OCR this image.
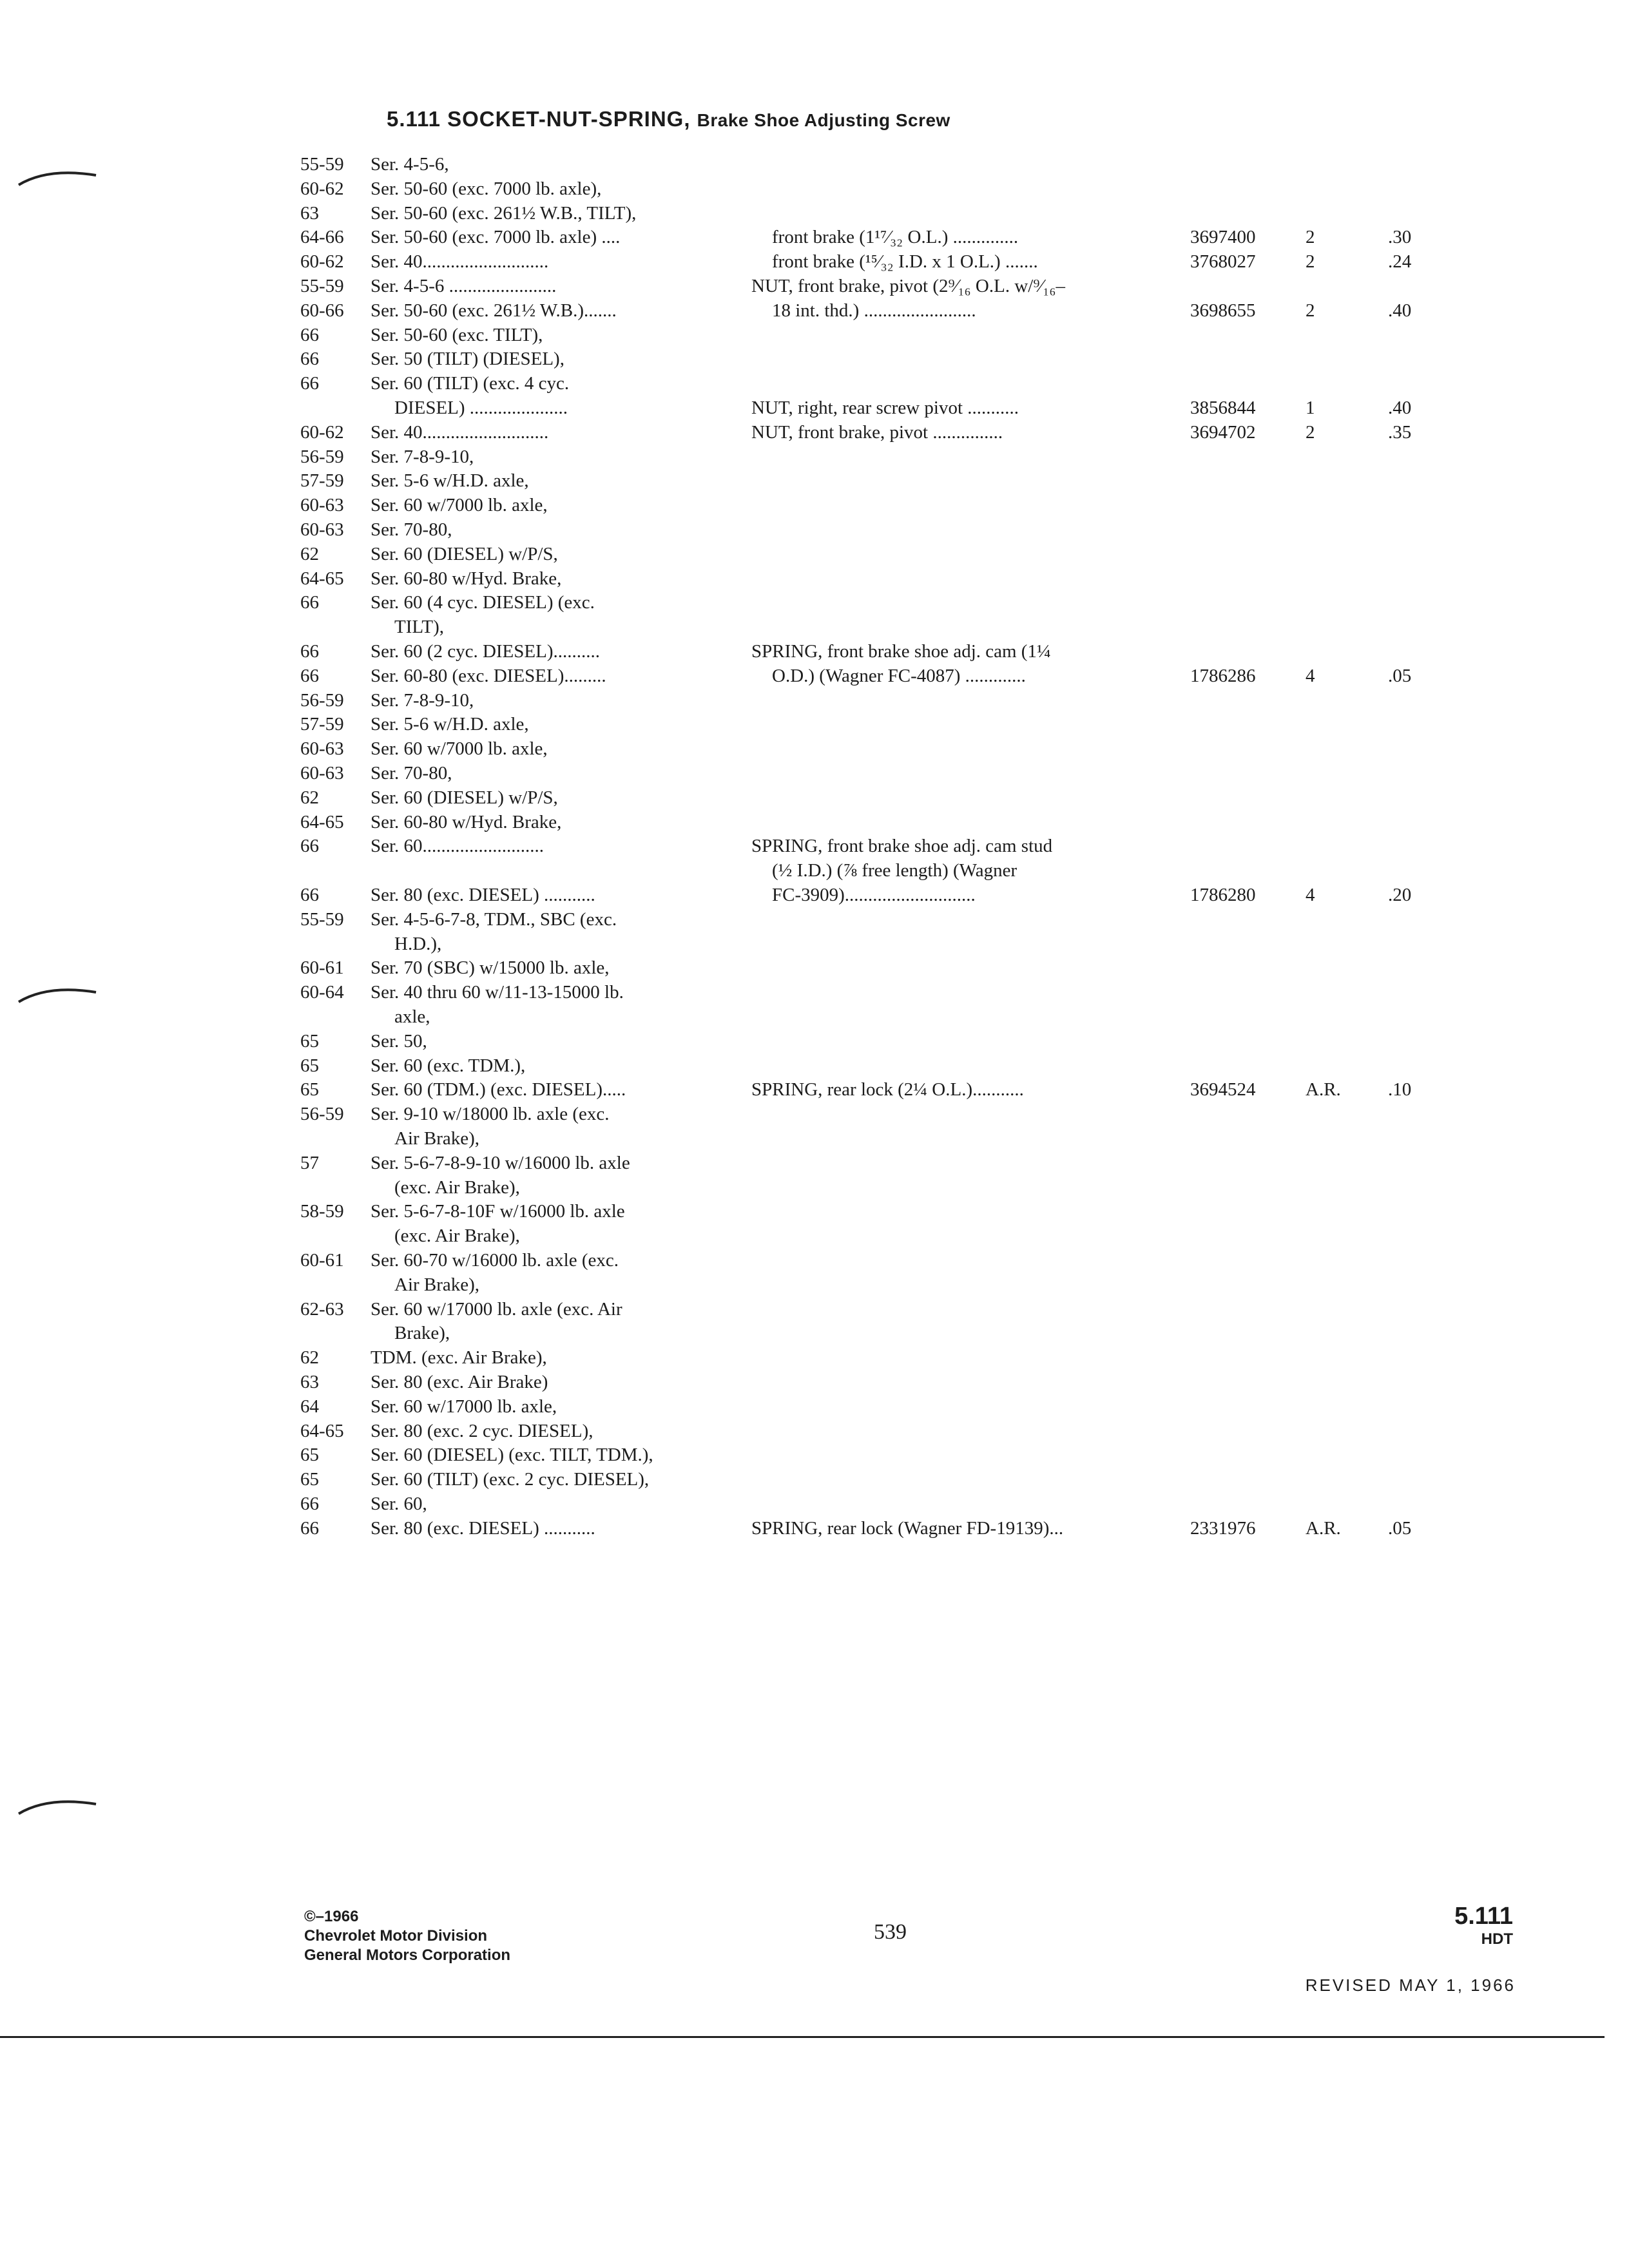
5.111 SOCKET-NUT-SPRING, Brake Shoe Adjusting Screw
55-59 Ser. 4-5-6,
60-62 Ser. 50-60 (exc. 7000 lb. axle),
63	Ser. 50-60 (exc. 261½ W.B., TILT),
64-66 Ser. 50-60 (exc. 7000 lb. axle) ....	front brake (1¹⁷⁄₃₂ O.L.) ..............	3697400	2	.30
60-62 Ser. 40...........................	front brake (¹⁵⁄₃₂ I.D. x 1 O.L.) .......	3768027	2	.24
55-59 Ser. 4-5-6 .......................	NUT, front brake, pivot (2⁹⁄₁₆ O.L. w/⁹⁄₁₆–
60-66 Ser. 50-60 (exc. 261½ W.B.).......	18 int. thd.) ........................	3698655	2	.40
66	Ser. 50-60 (exc. TILT),
66	Ser. 50 (TILT) (DIESEL),
66	Ser. 60 (TILT) (exc. 4 cyc.
DIESEL) .....................	NUT, right, rear screw pivot ...........	3856844	1	.40
60-62 Ser. 40...........................	NUT, front brake, pivot ...............	3694702	2	.35
56-59 Ser. 7-8-9-10,
57-59 Ser. 5-6 w/H.D. axle,
60-63 Ser. 60 w/7000 lb. axle,
60-63 Ser. 70-80,
62	Ser. 60 (DIESEL) w/P/S,
64-65 Ser. 60-80 w/Hyd. Brake,
66	Ser. 60 (4 cyc. DIESEL) (exc.
TILT),
66	Ser. 60 (2 cyc. DIESEL)..........	SPRING, front brake shoe adj. cam (1¼
66	Ser. 60-80 (exc. DIESEL).........	O.D.) (Wagner FC-4087) .............	1786286	4	.05
56-59 Ser. 7-8-9-10,
57-59 Ser. 5-6 w/H.D. axle,
60-63 Ser. 60 w/7000 lb. axle,
60-63 Ser. 70-80,
62	Ser. 60 (DIESEL) w/P/S,
64-65 Ser. 60-80 w/Hyd. Brake,
66	Ser. 60..........................	SPRING, front brake shoe adj. cam stud
(½ I.D.) (⅞ free length) (Wagner
66	Ser. 80 (exc. DIESEL) ...........	FC-3909)............................	1786280	4	.20
55-59 Ser. 4-5-6-7-8, TDM., SBC (exc.
H.D.),
60-61 Ser. 70 (SBC) w/15000 lb. axle,
60-64 Ser. 40 thru 60 w/11-13-15000 lb.
axle,
65	Ser. 50,
65	Ser. 60 (exc. TDM.),
65	Ser. 60 (TDM.) (exc. DIESEL).....	SPRING, rear lock (2¼ O.L.)...........	3694524	A.R.	.10
56-59 Ser. 9-10 w/18000 lb. axle (exc.
Air Brake),
57	Ser. 5-6-7-8-9-10 w/16000 lb. axle
(exc. Air Brake),
58-59 Ser. 5-6-7-8-10F w/16000 lb. axle
(exc. Air Brake),
60-61 Ser. 60-70 w/16000 lb. axle (exc.
Air Brake),
62-63 Ser. 60 w/17000 lb. axle (exc. Air
Brake),
62	TDM. (exc. Air Brake),
63	Ser. 80 (exc. Air Brake)
64	Ser. 60 w/17000 lb. axle,
64-65 Ser. 80 (exc. 2 cyc. DIESEL),
65	Ser. 60 (DIESEL) (exc. TILT, TDM.),
65	Ser. 60 (TILT) (exc. 2 cyc. DIESEL),
66	Ser. 60,
66	Ser. 80 (exc. DIESEL) ...........	SPRING, rear lock (Wagner FD-19139)...	2331976	A.R.	.05
©–1966
Chevrolet Motor Division
General Motors Corporation
539
5.111
HDT
REVISED MAY 1, 1966
